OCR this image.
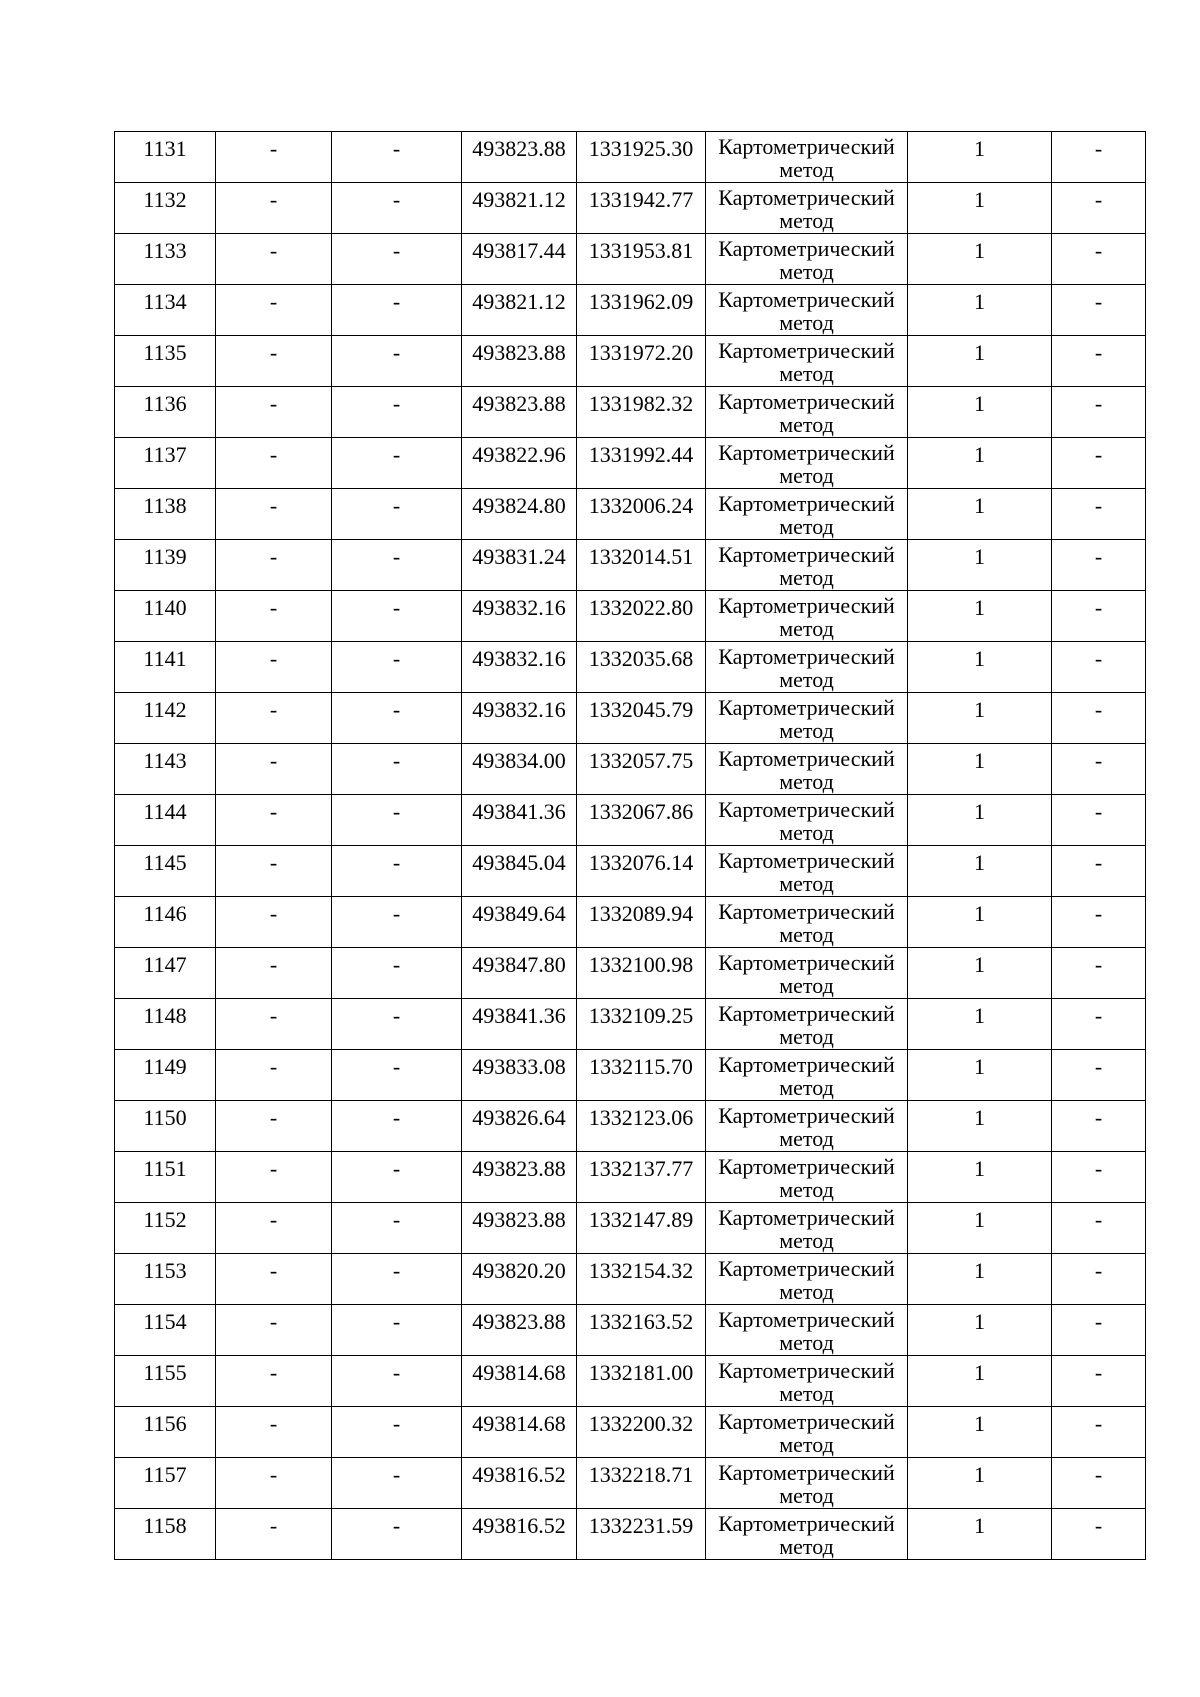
1131	-	-	493823.88	1331925.30	Картометрический
метод	1	-

1132	-	-	493821.12	1331942.77	Картометрический
метод	1	-

1133	-	-	493817.44	1331953.81	Картометрический
метод	1	-

1134	-	-	493821.12	1331962.09	Картометрический
метод	1	-

1135	-	-	493823.88	1331972.20	Картометрический
метод	1	-

1136	-	-	493823.88	1331982.32	Картометрический
метод	1	-

1137	-	-	493822.96	1331992.44	Картометрический
метод	1	-

1138	-	-	493824.80	1332006.24	Картометрический
метод	1	-

1139	-	-	493831.24	1332014.51	Картометрический
метод	1	-

1140	-	-	493832.16	1332022.80	Картометрический
метод	1	-

1141	-	-	493832.16	1332035.68	Картометрический
метод	1	-

1142	-	-	493832.16	1332045.79	Картометрический
метод	1	-

1143	-	-	493834.00	1332057.75	Картометрический
метод	1	-

1144	-	-	493841.36	1332067.86	Картометрический
метод	1	-

1145	-	-	493845.04	1332076.14	Картометрический
метод	1	-

1146	-	-	493849.64	1332089.94	Картометрический
метод	1	-

1147	-	-	493847.80	1332100.98	Картометрический
метод	1	-

1148	-	-	493841.36	1332109.25	Картометрический
метод	1	-

1149	-	-	493833.08	1332115.70	Картометрический
метод	1	-

1150	-	-	493826.64	1332123.06	Картометрический
метод	1	-

1151	-	-	493823.88	1332137.77	Картометрический
метод	1	-

1152	-	-	493823.88	1332147.89	Картометрический
метод	1	-

1153	-	-	493820.20	1332154.32	Картометрический
метод	1	-

1154	-	-	493823.88	1332163.52	Картометрический
метод	1	-

1155	-	-	493814.68	1332181.00	Картометрический
метод	1	-

1156	-	-	493814.68	1332200.32	Картометрический
метод	1	-

1157	-	-	493816.52	1332218.71	Картометрический
метод	1	-

1158	-	-	493816.52	1332231.59	Картометрический
метод	1	-
